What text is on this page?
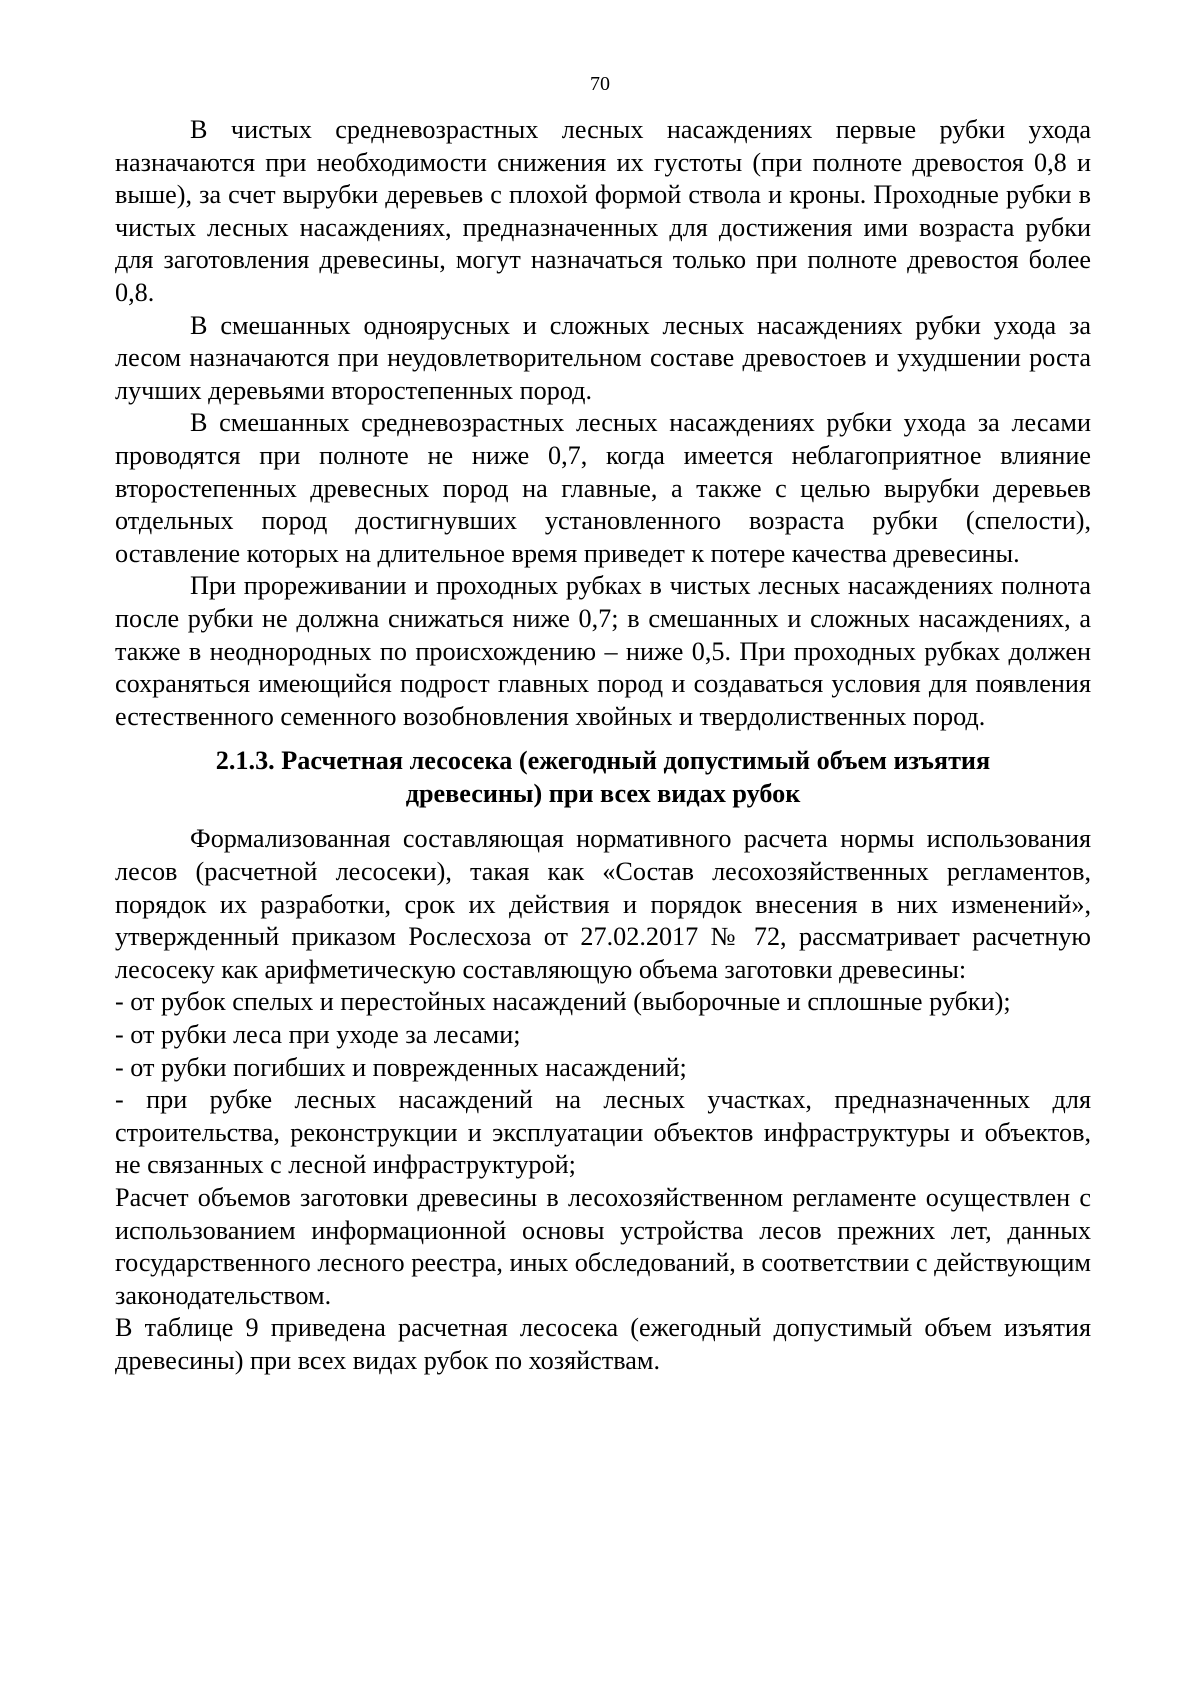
70

В чистых средневозрастных лесных насаждениях первые рубки ухода назначаются при необходимости снижения их густоты (при полноте древостоя 0,8 и выше), за счет вырубки деревьев с плохой формой ствола и кроны. Проходные рубки в чистых лесных насаждениях, предназначенных для достижения ими возраста рубки для заготовления древесины, могут назначаться только при полноте древостоя более 0,8.

В смешанных одноярусных и сложных лесных насаждениях рубки ухода за лесом назначаются при неудовлетворительном составе древостоев и ухудшении роста лучших деревьями второстепенных пород.

В смешанных средневозрастных лесных насаждениях рубки ухода за лесами проводятся при полноте не ниже 0,7, когда имеется неблагоприятное влияние второстепенных древесных пород на главные, а также с целью вырубки деревьев отдельных пород достигнувших установленного возраста рубки (спелости), оставление которых на длительное время приведет к потере качества древесины.

При прореживании и проходных рубках в чистых лесных насаждениях полнота после рубки не должна снижаться ниже 0,7; в смешанных и сложных насаждениях, а также в неоднородных по происхождению – ниже 0,5. При проходных рубках должен сохраняться имеющийся подрост главных пород и создаваться условия для появления естественного семенного возобновления хвойных и твердолиственных пород.

2.1.3. Расчетная лесосека (ежегодный допустимый объем изъятия
древесины) при всех видах рубок

Формализованная составляющая нормативного расчета нормы использования лесов (расчетной лесосеки), такая как «Состав лесохозяйственных регламентов, порядок их разработки, срок их действия и порядок внесения в них изменений», утвержденный приказом Рослесхоза от 27.02.2017 № 72, рассматривает расчетную лесосеку как арифметическую составляющую объема заготовки древесины:

- от рубок спелых и перестойных насаждений (выборочные и сплошные рубки);

- от рубки леса при уходе за лесами;

- от рубки погибших и поврежденных насаждений;

- при рубке лесных насаждений на лесных участках, предназначенных для строительства, реконструкции и эксплуатации объектов инфраструктуры и объектов, не связанных с лесной инфраструктурой;

Расчет объемов заготовки древесины в лесохозяйственном регламенте осуществлен с использованием информационной основы устройства лесов прежних лет, данных государственного лесного реестра, иных обследований, в соответствии с действующим законодательством.

В таблице 9 приведена расчетная лесосека (ежегодный допустимый объем изъятия древесины) при всех видах рубок по хозяйствам.
